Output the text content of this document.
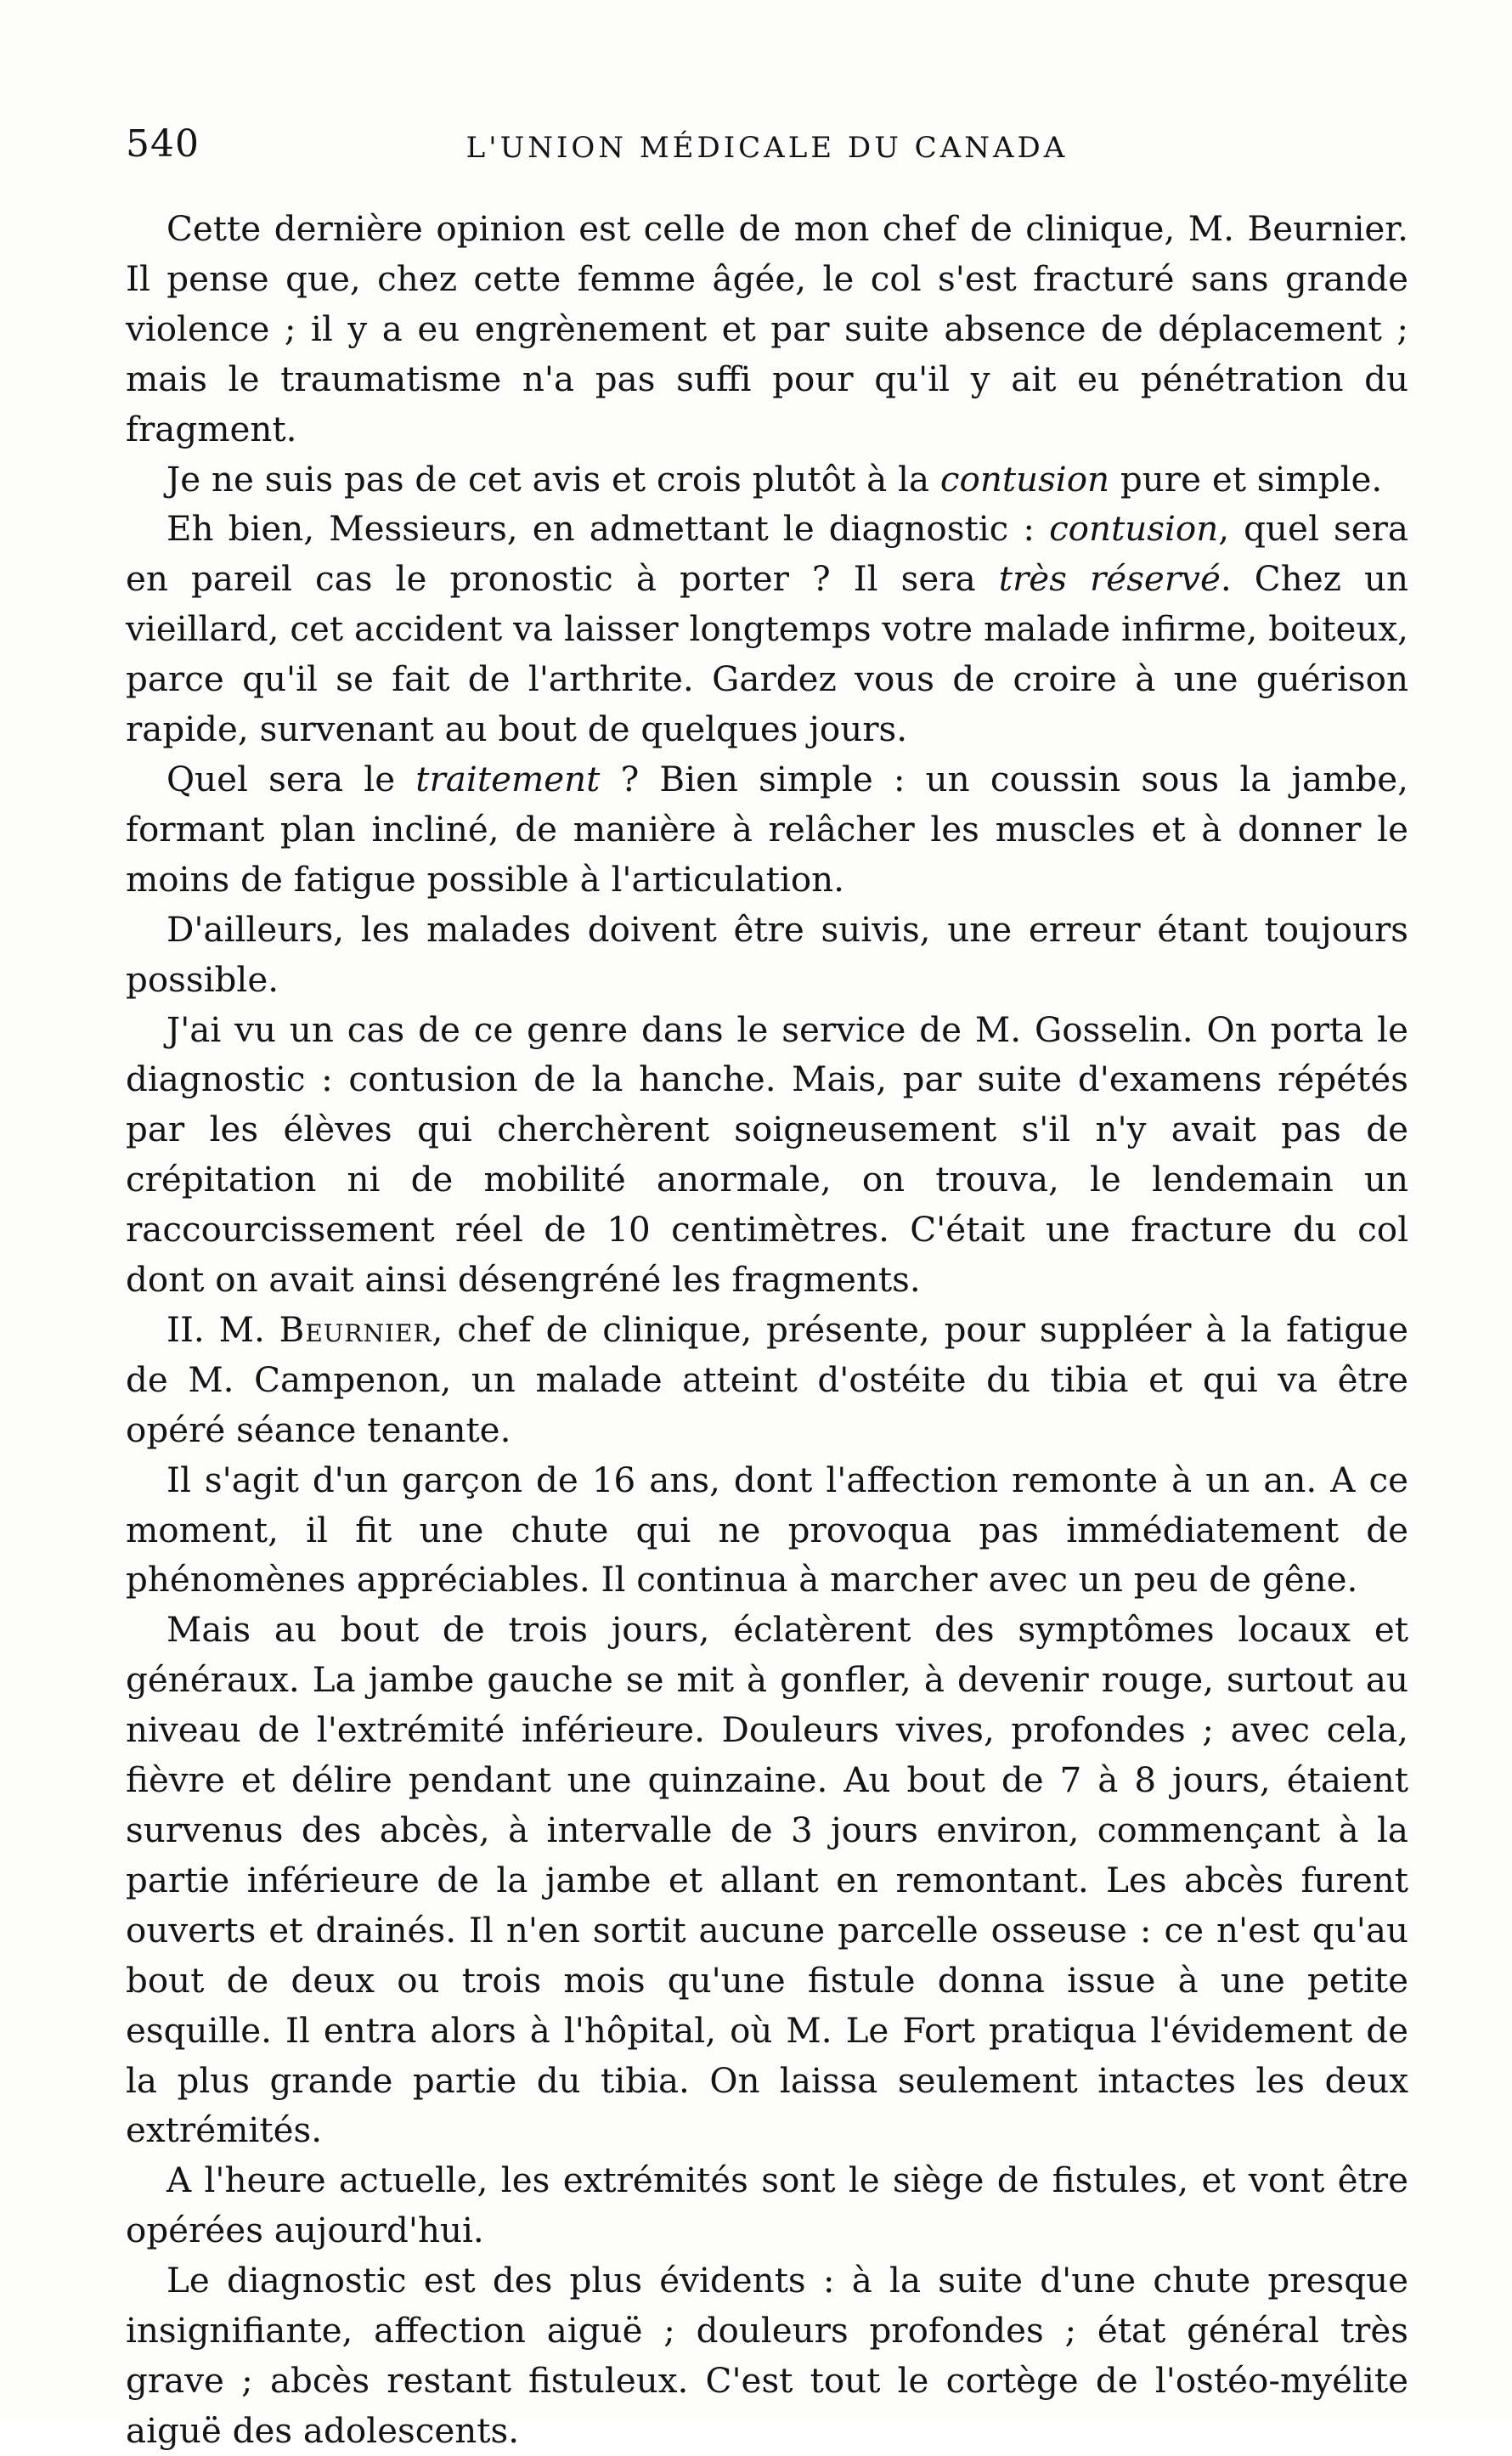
540	L'UNION MÉDICALE DU CANADA

Cette dernière opinion est celle de mon chef de clinique, M. Beurnier. Il pense que, chez cette femme âgée, le col s'est fracturé sans grande violence ; il y a eu engrènement et par suite absence de déplacement ; mais le traumatisme n'a pas suffi pour qu'il y ait eu pénétration du fragment.

Je ne suis pas de cet avis et crois plutôt à la contusion pure et simple.

Eh bien, Messieurs, en admettant le diagnostic : contusion, quel sera en pareil cas le pronostic à porter ? Il sera très réservé. Chez un vieillard, cet accident va laisser longtemps votre malade infirme, boiteux, parce qu'il se fait de l'arthrite. Gardez vous de croire à une guérison rapide, survenant au bout de quelques jours.

Quel sera le traitement ? Bien simple : un coussin sous la jambe, formant plan incliné, de manière à relâcher les muscles et à donner le moins de fatigue possible à l'articulation.

D'ailleurs, les malades doivent être suivis, une erreur étant toujours possible.

J'ai vu un cas de ce genre dans le service de M. Gosselin. On porta le diagnostic : contusion de la hanche. Mais, par suite d'examens répétés par les élèves qui cherchèrent soigneusement s'il n'y avait pas de crépitation ni de mobilité anormale, on trouva, le lendemain un raccourcissement réel de 10 centimètres. C'était une fracture du col dont on avait ainsi désengréné les fragments.

II. M. Beurnier, chef de clinique, présente, pour suppléer à la fatigue de M. Campenon, un malade atteint d'ostéite du tibia et qui va être opéré séance tenante.

Il s'agit d'un garçon de 16 ans, dont l'affection remonte à un an. A ce moment, il fit une chute qui ne provoqua pas immédiatement de phénomènes appréciables. Il continua à marcher avec un peu de gêne.

Mais au bout de trois jours, éclatèrent des symptômes locaux et généraux. La jambe gauche se mit à gonfler, à devenir rouge, surtout au niveau de l'extrémité inférieure. Douleurs vives, profondes ; avec cela, fièvre et délire pendant une quinzaine. Au bout de 7 à 8 jours, étaient survenus des abcès, à intervalle de 3 jours environ, commençant à la partie inférieure de la jambe et allant en remontant. Les abcès furent ouverts et drainés. Il n'en sortit aucune parcelle osseuse : ce n'est qu'au bout de deux ou trois mois qu'une fistule donna issue à une petite esquille. Il entra alors à l'hôpital, où M. Le Fort pratiqua l'évidement de la plus grande partie du tibia. On laissa seulement intactes les deux extrémités.

A l'heure actuelle, les extrémités sont le siège de fistules, et vont être opérées aujourd'hui.

Le diagnostic est des plus évidents : à la suite d'une chute presque insignifiante, affection aiguë ; douleurs profondes ; état général très grave ; abcès restant fistuleux. C'est tout le cortège de l'ostéo-myélite aiguë des adolescents.
